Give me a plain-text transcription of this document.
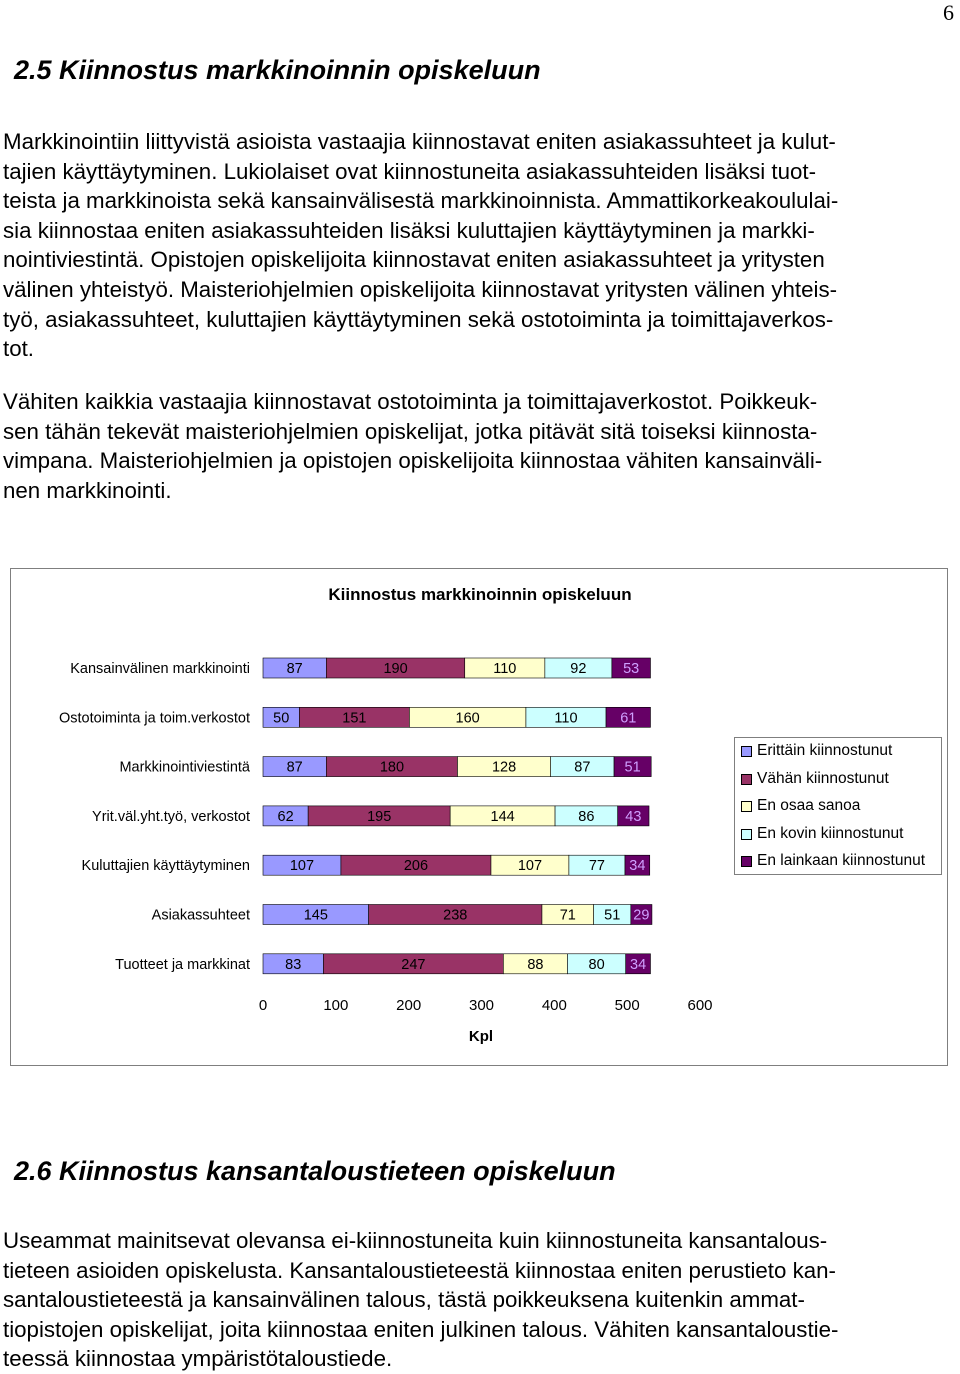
6
2.5 Kiinnostus markkinoinnin opiskeluun
Markkinointiin liittyvistä asioista vastaajia kiinnostavat eniten asiakassuhteet ja kulut-
tajien käyttäytyminen. Lukiolaiset ovat kiinnostuneita asiakassuhteiden lisäksi tuot-
teista ja markkinoista sekä kansainvälisestä markkinoinnista. Ammattikorkeakoululai-
sia kiinnostaa eniten asiakassuhteiden lisäksi kuluttajien käyttäytyminen ja markki-
nointiviestintä. Opistojen opiskelijoita kiinnostavat eniten asiakassuhteet ja yritysten
välinen yhteistyö. Maisteriohjelmien opiskelijoita kiinnostavat yritysten välinen yhteis-
työ, asiakassuhteet, kuluttajien käyttäytyminen sekä ostotoiminta ja toimittajaverkos-
tot.
Vähiten kaikkia vastaajia kiinnostavat ostotoiminta ja toimittajaverkostot. Poikkeuk-
sen tähän tekevät maisteriohjelmien opiskelijat, jotka pitävät sitä toiseksi kiinnosta-
vimpana. Maisteriohjelmien ja opistojen opiskelijoita kiinnostaa vähiten kansainväli-
nen markkinointi.
Kiinnostus markkinoinnin opiskeluun
Kansainvälinen markkinointi	87	190	110	92	53
Ostotoiminta ja toim.verkostot 50	151	160	110	61
Markkinointiviestintä	87	180	128	87 51
Yrit.väl.yht.työ, verkostot 62	195	144	86 43
Kuluttajien käyttäytyminen	107	206	107	77 34
Asiakassuhteet	145	238	71 51 29
Tuotteet ja markkinat 83	247	88	80 34
0	100	200	300	400	500	600
Kpl
Erittäin kiinnostunut
Vähän kiinnostunut
En osaa sanoa
En kovin kiinnostunut
En lainkaan kiinnostunut
2.6 Kiinnostus kansantaloustieteen opiskeluun
Useammat mainitsevat olevansa ei-kiinnostuneita kuin kiinnostuneita kansantalous-
tieteen asioiden opiskelusta. Kansantaloustieteestä kiinnostaa eniten perustieto kan-
santaloustieteestä ja kansainvälinen talous, tästä poikkeuksena kuitenkin ammat-
tiopistojen opiskelijat, joita kiinnostaa eniten julkinen talous. Vähiten kansantaloustie-
teessä kiinnostaa ympäristötaloustiede.
